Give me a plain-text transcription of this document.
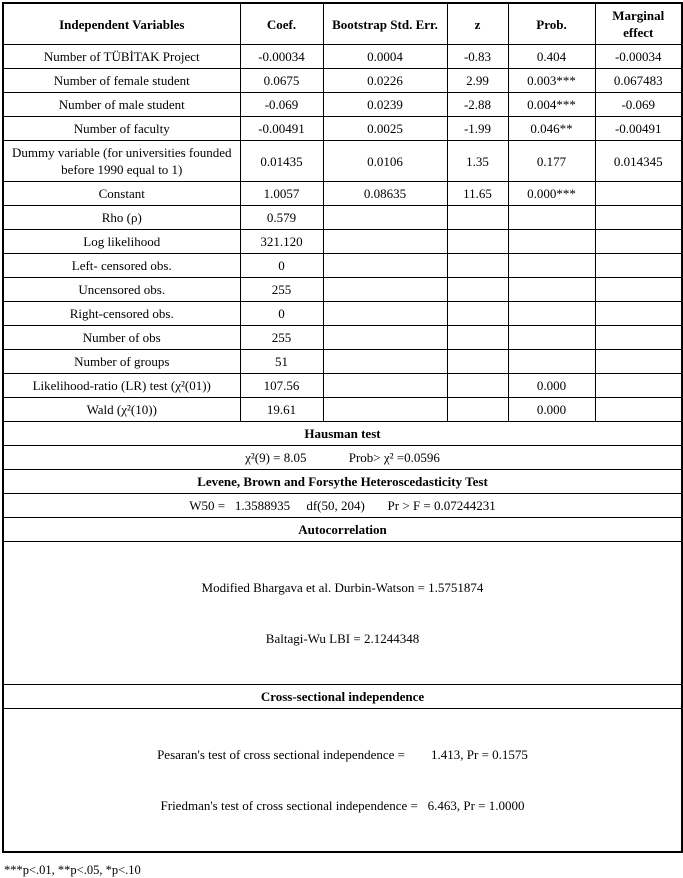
Independent Variables	Coef.	Bootstrap Std. Err.	z	Prob.	Marginal effect
Number of TÜBİTAK Project	-0.00034	0.0004	-0.83	0.404	-0.00034
Number of female student	0.0675	0.0226	2.99	0.003***	0.067483
Number of male student	-0.069	0.0239	-2.88	0.004***	-0.069
Number of faculty	-0.00491	0.0025	-1.99	0.046**	-0.00491
Dummy variable (for universities founded before 1990 equal to 1)	0.01435	0.0106	1.35	0.177	0.014345
Constant	1.0057	0.08635	11.65	0.000***	
Rho (ρ)	0.579				
Log likelihood	321.120				
Left- censored obs.	0				
Uncensored obs.	255				
Right-censored obs.	0				
Number of obs	255				
Number of groups	51				
Likelihood-ratio (LR) test (χ²(01))	107.56			0.000	
Wald (χ²(10))	19.61			0.000	
Hausman test					
χ²(9) = 8.05             Prob> χ² =0.0596					
Levene, Brown and Forsythe Heteroscedasticity Test					
W50 =   1.3588935     df(50, 204)       Pr > F = 0.07244231					
Autocorrelation					

Modified Bhargava et al. Durbin-Watson = 1.5751874

Baltagi-Wu LBI = 2.1244348					

Cross-sectional independence					

Pesaran's test of cross sectional independence =        1.413, Pr = 0.1575

Friedman's test of cross sectional independence =   6.463, Pr = 1.0000					

***p<.01, **p<.05, *p<.10
